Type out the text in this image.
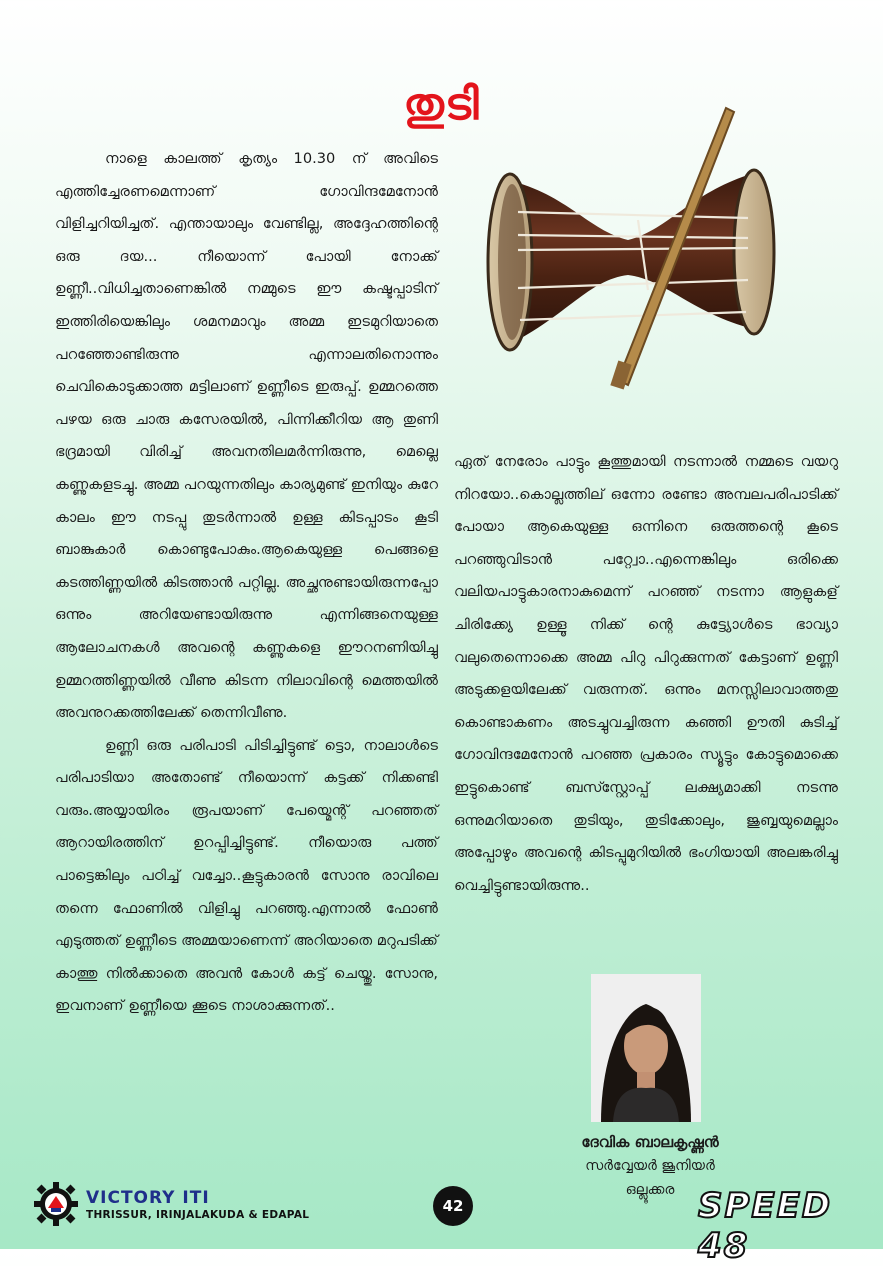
തുടി

നാളെ കാലത്ത് കൃത്യം 10.30 ന് അവിടെ എത്തിച്ചേരണമെന്നാണ് ഗോവിന്ദമേനോൻ വിളിച്ചറിയിച്ചത്. എന്തായാലും വേണ്ടില്ല, അദ്ദേഹത്തിന്റെ ഒരു ദയ... നീയൊന്ന് പോയി നോക്ക് ഉണ്ണീ..വിധിച്ചതാണെങ്കിൽ നമ്മുടെ ഈ കഷ്ടപ്പാടിന് ഇത്തിരിയെങ്കിലും ശമനമാവും അമ്മ ഇടമുറിയാതെ പറഞ്ഞോണ്ടിരുന്നു എന്നാലതിനൊന്നും ചെവികൊടുക്കാത്ത മട്ടിലാണ് ഉണ്ണീടെ ഇരുപ്പ്. ഉമ്മറത്തെ പഴയ ഒരു ചാരു കസേരയിൽ, പിന്നിക്കീറിയ ആ തുണി ഭദ്രമായി വിരിച്ച് അവനതിലമർന്നിരുന്നു, മെല്ലെ കണ്ണുകളടച്ചു. അമ്മ പറയുന്നതിലും കാര്യമുണ്ട് ഇനിയും കുറേ കാലം ഈ നടപ്പു തുടർന്നാൽ ഉള്ള കിടപ്പാടം കൂടി ബാങ്കുകാർ കൊണ്ടുപോകും.ആകെയുള്ള പെങ്ങളെ കടത്തിണ്ണയിൽ കിടത്താൻ പറ്റില്ല. അച്ഛനുണ്ടായിരുന്നപ്പോ ഒന്നും അറിയേണ്ടായിരുന്നു എന്നിങ്ങനെയുള്ള ആലോചനകൾ അവന്റെ കണ്ണുകളെ ഈറനണിയിച്ചു ഉമ്മറത്തിണ്ണയിൽ വീണു കിടന്ന നിലാവിന്റെ മെത്തയിൽ അവനുറക്കത്തിലേക്ക് തെന്നിവീണു.

ഉണ്ണി ഒരു പരിപാടി പിടിച്ചിട്ടുണ്ട് ട്ടൊ, നാലാൾടെ പരിപാടിയാ അതോണ്ട് നീയൊന്ന് കട്ടക്ക് നിക്കണ്ടി വരും.അയ്യായിരം രൂപയാണ് പേയ്മെന്റ് പറഞ്ഞത് ആറായിരത്തിന് ഉറപ്പിച്ചിട്ടുണ്ട്. നീയൊരു പത്ത് പാട്ടെങ്കിലും പഠിച്ച് വച്ചോ..കൂട്ടുകാരൻ സോനു രാവിലെ തന്നെ ഫോണിൽ വിളിച്ചു പറഞ്ഞു.എന്നാൽ ഫോൺ എടുത്തത് ഉണ്ണീടെ അമ്മയാണെന്ന് അറിയാതെ മറുപടിക്ക് കാത്തു നിൽക്കാതെ അവൻ കോൾ കട്ട് ചെയ്തു. സോനു, ഇവനാണ് ഉണ്ണീയെ ക്കൂടെ നാശാക്കുന്നത്..

ഏത് നേരോം പാട്ടും കൂത്തുമായി നടന്നാൽ നമ്മടെ വയറു നിറയോ..കൊല്ലത്തില് ഒന്നോ രണ്ടോ അമ്പലപരിപാടിക്ക് പോയാ ആകെയുള്ള ഒന്നിനെ ഒരുത്തന്റെ കൂടെ പറഞ്ഞുവിടാൻ പറ്റ്വോ..എന്നെങ്കിലും ഒരിക്കെ വലിയപാട്ടുകാരനാകുമെന്ന് പറഞ്ഞ് നടന്നാ ആളുകള് ചിരിക്ക്യേ ഉള്ളൂ നിക്ക് ന്റെ കുട്ട്യോൾടെ ഭാവ്യാ വലുതെന്നൊക്കെ അമ്മ പിറു പിറുക്കുന്നത് കേട്ടാണ് ഉണ്ണി അടുക്കളയിലേക്ക് വരുന്നത്. ഒന്നും മനസ്സിലാവാത്തതു കൊണ്ടാകണം അടച്ചുവച്ചിരുന്ന കഞ്ഞി ഊതി കുടിച്ച് ഗോവിന്ദമേനോൻ പറഞ്ഞ പ്രകാരം സ്യൂട്ടും കോട്ടുമൊക്കെ ഇട്ടുകൊണ്ട് ബസ്സ്റ്റോപ്പ് ലക്ഷ്യമാക്കി നടന്നു ഒന്നുമറിയാതെ തുടിയും, തുടിക്കോലും, ജുബ്ബയുമെല്ലാം അപ്പോഴും അവന്റെ കിടപ്പുമുറിയിൽ ഭംഗിയായി അലങ്കരിച്ചു വെച്ചിട്ടുണ്ടായിരുന്നു..

ദേവിക ബാലകൃഷ്ണൻ
സർവ്വേയർ ജൂനിയർ
ഒല്ലൂക്കര
VICTORY ITI
THRISSUR, IRINJALAKUDA & EDAPAL	42	SPEED 48
